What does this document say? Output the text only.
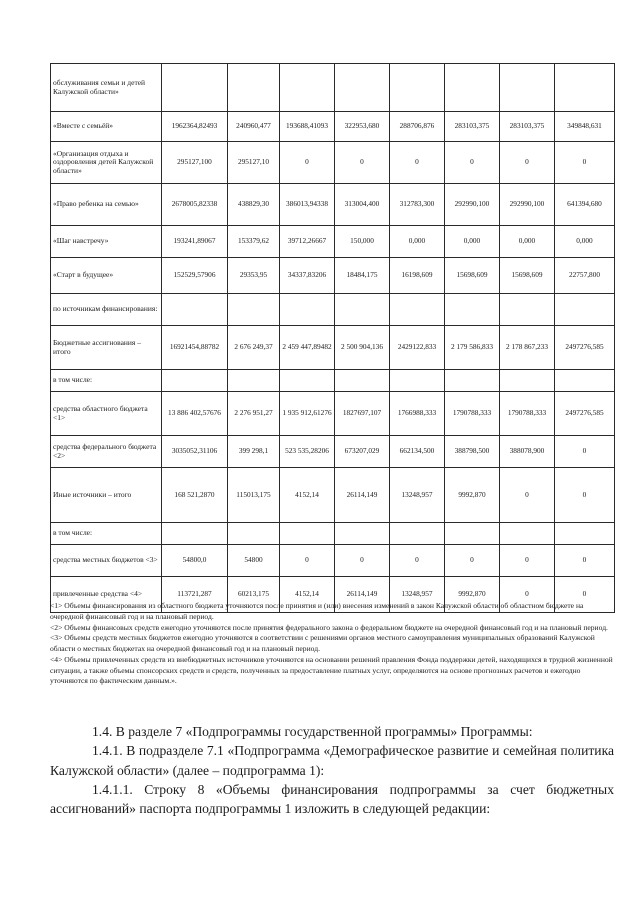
обслуживания семьи и детей Калужской области»								
«Вместе с семьёй»	1962364,82493	240960,477	193688,41093	322953,680	288706,876	283103,375	283103,375	349848,631
«Организация отдыха и оздоровления детей Калужской области»	295127,100	295127,10	0	0	0	0	0	0
«Право ребенка на семью»	2678005,82338	438829,30	386013,94338	313004,400	312783,300	292990,100	292990,100	641394,680
«Шаг навстречу»	193241,89067	153379,62	39712,26667	150,000	0,000	0,000	0,000	0,000
«Старт в будущее»	152529,57906	29353,95	34337,83206	18484,175	16198,609	15698,609	15698,609	22757,800
по источникам финансирования:								
Бюджетные ассигнования – итого	16921454,88782	2 676 249,37	2 459 447,89482	2 500 904,136	2429122,833	2 179 586,833	2 178 867,233	2497276,585
в том числе:								
средства областного бюджета <1>	13 886 402,57676	2 276 951,27	1 935 912,61276	1827697,107	1766988,333	1790788,333	1790788,333	2497276,585
средства федерального бюджета <2>	3035052,31106	399 298,1	523 535,28206	673207,029	662134,500	388798,500	388078,900	0
Иные источники – итого	168 521,2870	115013,175	4152,14	26114,149	13248,957	9992,870	0	0
в том числе:								
средства местных бюджетов <3>	54800,0	54800	0	0	0	0	0	0
привлеченные средства <4>	113721,287	60213,175	4152,14	26114,149	13248,957	9992,870	0	0

<1> Объемы финансирования из областного бюджета уточняются после принятия и (или) внесения изменений в закон Калужской области об областном бюджете на очередной финансовый год и на плановый период.

<2> Объемы финансовых средств ежегодно уточняются после принятия федерального закона о федеральном бюджете на очередной финансовый год и на плановый период.

<3> Объемы средств местных бюджетов ежегодно уточняются в соответствии с решениями органов местного самоуправления муниципальных образований Калужской области о местных бюджетах на очередной финансовый год и на плановый период.

<4> Объемы привлеченных средств из внебюджетных источников уточняются на основании решений правления Фонда поддержки детей, находящихся в трудной жизненной ситуации, а также объемы спонсорских средств и средств, полученных за предоставление платных услуг, определяются на основе прогнозных расчетов и ежегодно уточняются по фактическим данным.».

1.4. В разделе 7 «Подпрограммы государственной программы» Программы:

1.4.1. В подразделе 7.1 «Подпрограмма «Демографическое развитие и семейная политика Калужской области» (далее – подпрограмма 1):

1.4.1.1. Строку 8 «Объемы финансирования подпрограммы за счет бюджетных ассигнований» паспорта подпрограммы 1 изложить в следующей редакции:
